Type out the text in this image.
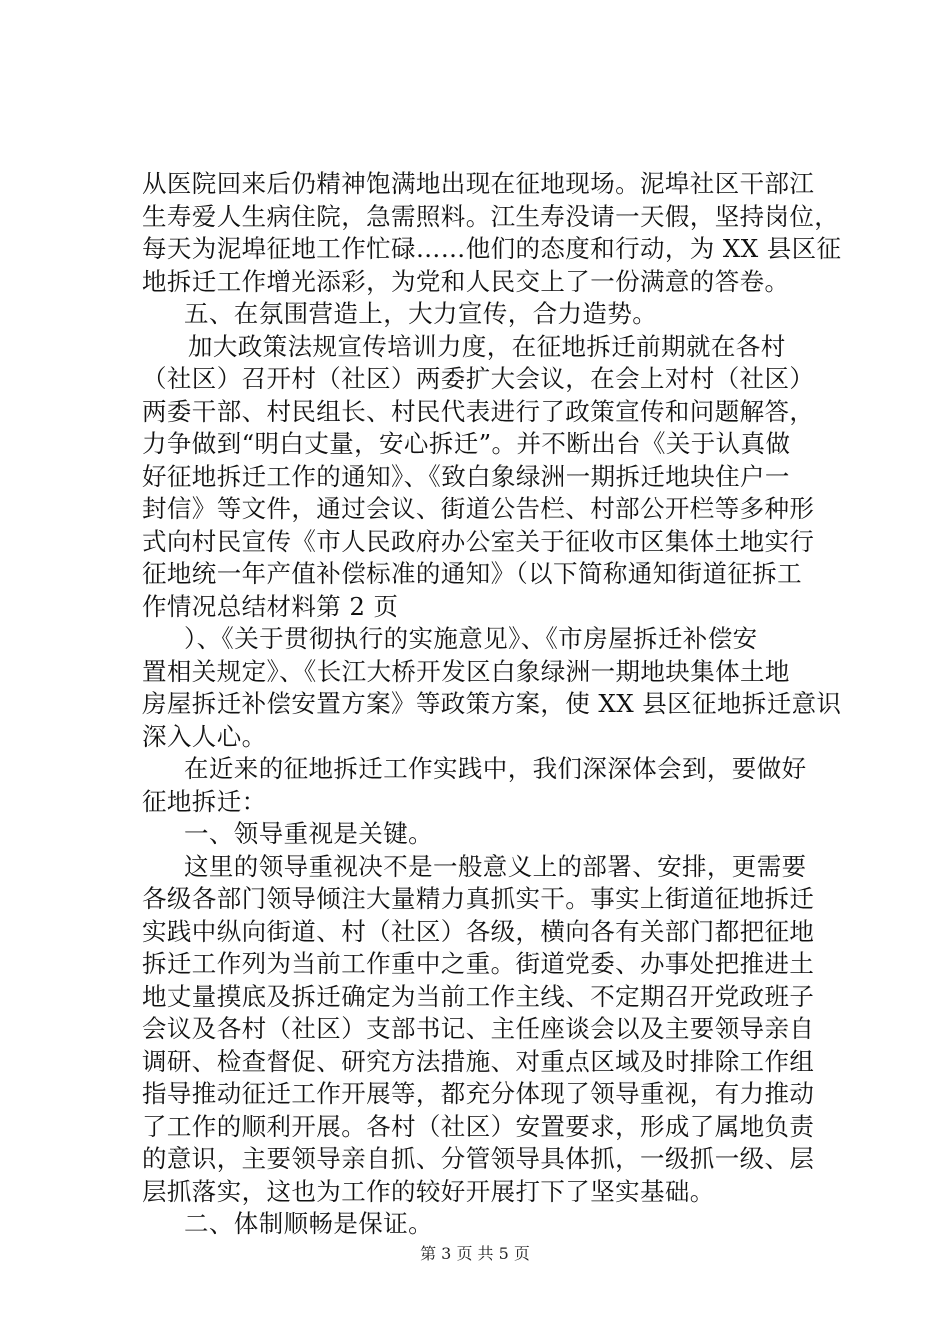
从医院回来后仍精神饱满地出现在征地现场。泥埠社区干部江
生寿爱人生病住院，急需照料。江生寿没请一天假，坚持岗位，
每天为泥埠征地工作忙碌……他们的态度和行动，为 XX 县区征
地拆迁工作增光添彩，为党和人民交上了一份满意的答卷。
五、在氛围营造上，大力宣传，合力造势。
加大政策法规宣传培训力度，在征地拆迁前期就在各村
（社区）召开村（社区）两委扩大会议，在会上对村（社区）
两委干部、村民组长、村民代表进行了政策宣传和问题解答，
力争做到“明白丈量，安心拆迁”。并不断出台《关于认真做
好征地拆迁工作的通知》、《致白象绿洲一期拆迁地块住户一
封信》等文件，通过会议、街道公告栏、村部公开栏等多种形
式向村民宣传《市人民政府办公室关于征收市区集体土地实行
征地统一年产值补偿标准的通知》（以下简称通知街道征拆工
作情况总结材料第 2 页
）、《关于贯彻执行的实施意见》、《市房屋拆迁补偿安
置相关规定》、《长江大桥开发区白象绿洲一期地块集体土地
房屋拆迁补偿安置方案》等政策方案，使 XX 县区征地拆迁意识
深入人心。
在近来的征地拆迁工作实践中，我们深深体会到，要做好
征地拆迁：
一、领导重视是关键。
这里的领导重视决不是一般意义上的部署、安排，更需要
各级各部门领导倾注大量精力真抓实干。事实上街道征地拆迁
实践中纵向街道、村（社区）各级，横向各有关部门都把征地
拆迁工作列为当前工作重中之重。街道党委、办事处把推进土
地丈量摸底及拆迁确定为当前工作主线、不定期召开党政班子
会议及各村（社区）支部书记、主任座谈会以及主要领导亲自
调研、检查督促、研究方法措施、对重点区域及时排除工作组
指导推动征迁工作开展等，都充分体现了领导重视，有力推动
了工作的顺利开展。各村（社区）安置要求，形成了属地负责
的意识，主要领导亲自抓、分管领导具体抓，一级抓一级、层
层抓落实，这也为工作的较好开展打下了坚实基础。
二、体制顺畅是保证。
第 3 页 共 5 页
